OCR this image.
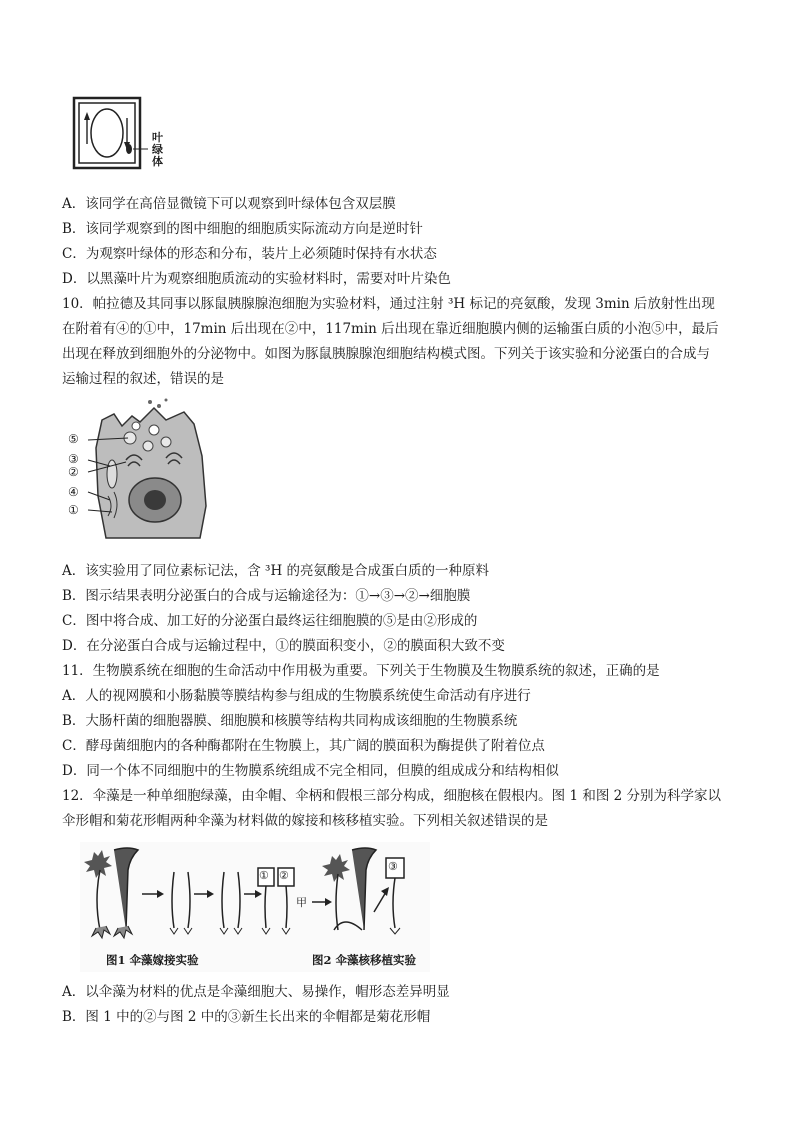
叶绿体
A．该同学在高倍显微镜下可以观察到叶绿体包含双层膜
B．该同学观察到的图中细胞的细胞质实际流动方向是逆时针
C．为观察叶绿体的形态和分布，装片上必须随时保持有水状态
D．以黑藻叶片为观察细胞质流动的实验材料时，需要对叶片染色
10．帕拉德及其同事以豚鼠胰腺腺泡细胞为实验材料，通过注射 ³H 标记的亮氨酸，发现 3min 后放射性出现
在附着有④的①中，17min 后出现在②中，117min 后出现在靠近细胞膜内侧的运输蛋白质的小泡⑤中，最后
出现在释放到细胞外的分泌物中。如图为豚鼠胰腺腺泡细胞结构模式图。下列关于该实验和分泌蛋白的合成与
运输过程的叙述，错误的是
⑤
③
②
④
①
A．该实验用了同位素标记法，含 ³H 的亮氨酸是合成蛋白质的一种原料
B．图示结果表明分泌蛋白的合成与运输途径为：①→③→②→细胞膜
C．图中将合成、加工好的分泌蛋白最终运往细胞膜的⑤是由②形成的
D．在分泌蛋白合成与运输过程中，①的膜面积变小，②的膜面积大致不变
11．生物膜系统在细胞的生命活动中作用极为重要。下列关于生物膜及生物膜系统的叙述，正确的是
A．人的视网膜和小肠黏膜等膜结构参与组成的生物膜系统使生命活动有序进行
B．大肠杆菌的细胞器膜、细胞膜和核膜等结构共同构成该细胞的生物膜系统
C．酵母菌细胞内的各种酶都附在生物膜上，其广阔的膜面积为酶提供了附着位点
D．同一个体不同细胞中的生物膜系统组成不完全相同，但膜的组成成分和结构相似
12．伞藻是一种单细胞绿藻，由伞帽、伞柄和假根三部分构成，细胞核在假根内。图 1 和图 2 分别为科学家以
伞形帽和菊花形帽两种伞藻为材料做的嫁接和核移植实验。下列相关叙述错误的是
① ②
③
甲
图1 伞藻嫁接实验	图2 伞藻核移植实验
A．以伞藻为材料的优点是伞藻细胞大、易操作，帽形态差异明显
B．图 1 中的②与图 2 中的③新生长出来的伞帽都是菊花形帽
